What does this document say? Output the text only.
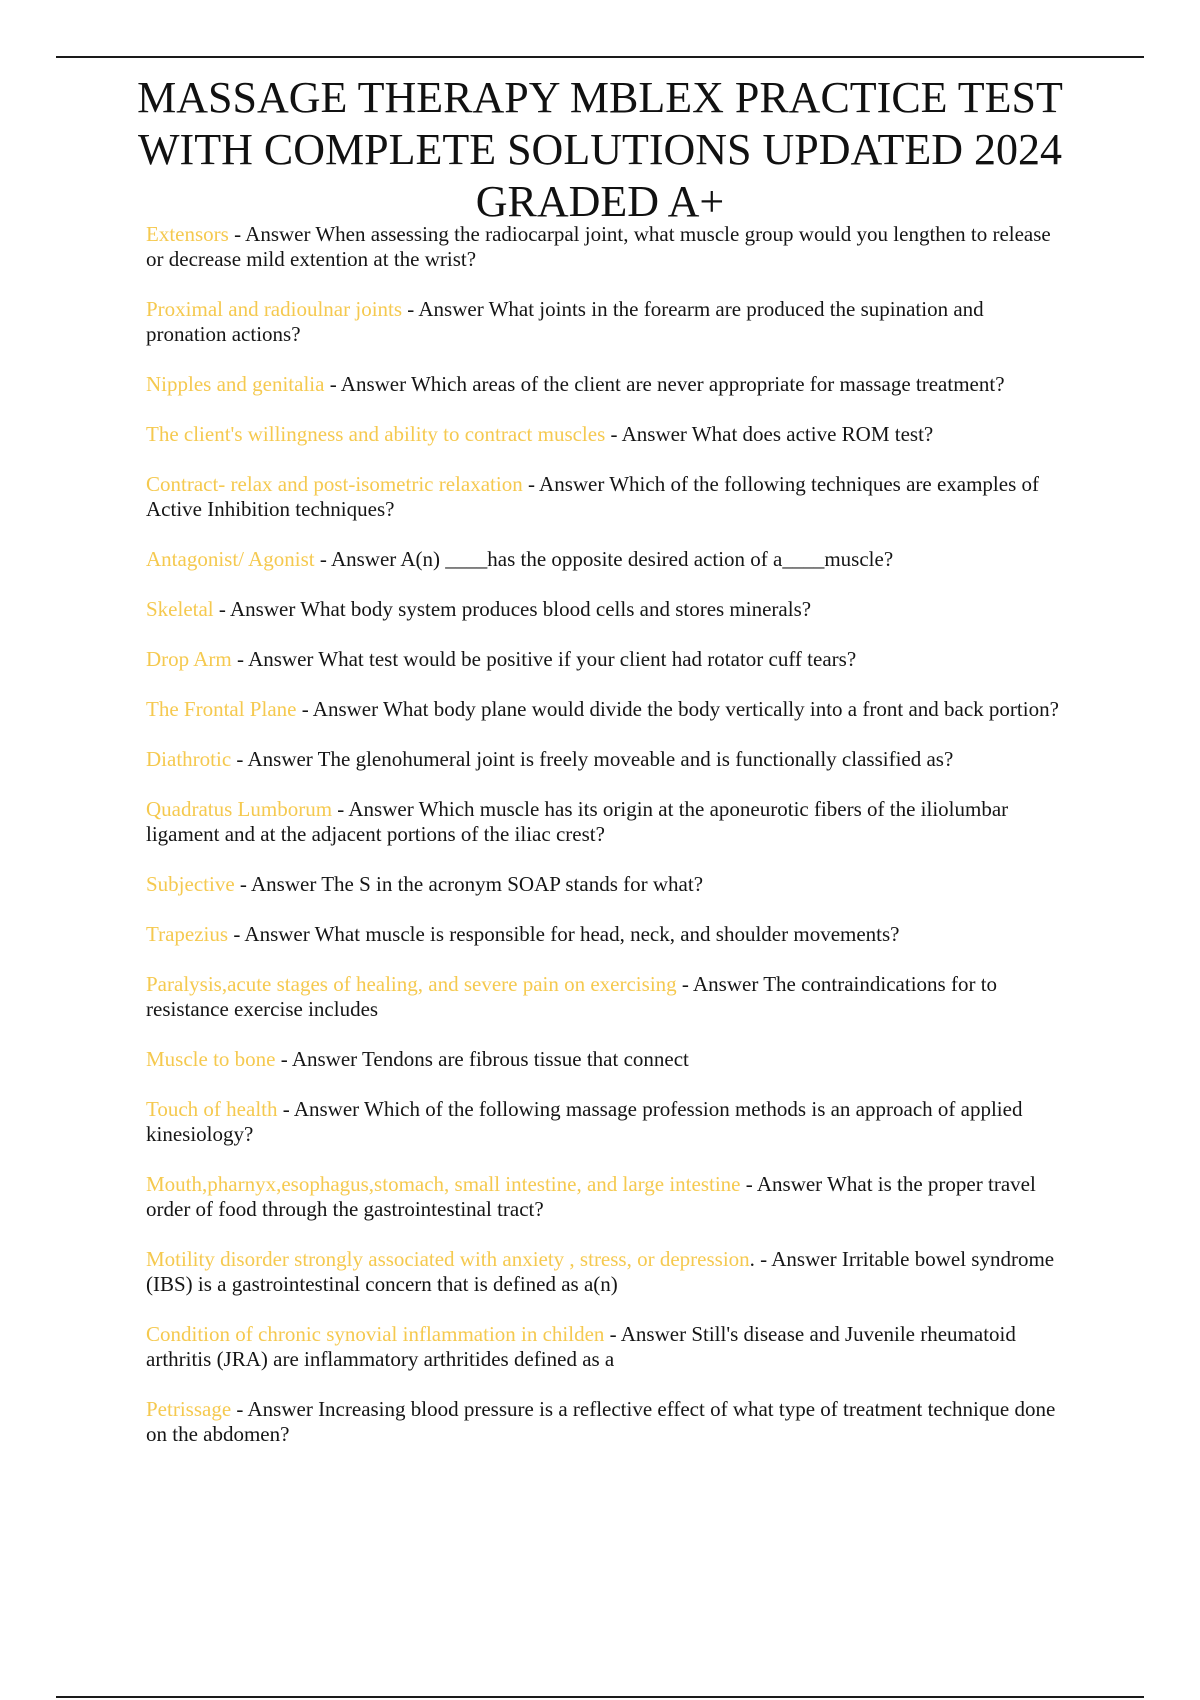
MASSAGE THERAPY MBLEX PRACTICE TEST WITH COMPLETE SOLUTIONS UPDATED 2024 GRADED A+
Extensors - Answer When assessing the radiocarpal joint, what muscle group would you lengthen to release or decrease mild extention at the wrist?
Proximal and radioulnar joints - Answer What joints in the forearm are produced the supination and pronation actions?
Nipples and genitalia - Answer Which areas of the client are never appropriate for massage treatment?
The client's willingness and ability to contract muscles - Answer What does active ROM test?
Contract- relax and post-isometric relaxation - Answer Which of the following techniques are examples of Active Inhibition techniques?
Antagonist/ Agonist - Answer A(n) ____has the opposite desired action of a____muscle?
Skeletal - Answer What body system produces blood cells and stores minerals?
Drop Arm - Answer What test would be positive if your client had rotator cuff tears?
The Frontal Plane - Answer What body plane would divide the body vertically into a front and back portion?
Diathrotic - Answer The glenohumeral joint is freely moveable and is functionally classified as?
Quadratus Lumborum - Answer Which muscle has its origin at the aponeurotic fibers of the iliolumbar ligament and at the adjacent portions of the iliac crest?
Subjective - Answer The S in the acronym SOAP stands for what?
Trapezius - Answer What muscle is responsible for head, neck, and shoulder movements?
Paralysis,acute stages of healing, and severe pain on exercising - Answer The contraindications for to resistance exercise includes
Muscle to bone - Answer Tendons are fibrous tissue that connect
Touch of health - Answer Which of the following massage profession methods is an approach of applied kinesiology?
Mouth,pharnyx,esophagus,stomach, small intestine, and large intestine - Answer What is the proper travel order of food through the gastrointestinal tract?
Motility disorder strongly associated with anxiety , stress, or depression. - Answer Irritable bowel syndrome (IBS) is a gastrointestinal concern that is defined as a(n)
Condition of chronic synovial inflammation in childen - Answer Still's disease and Juvenile rheumatoid arthritis (JRA) are inflammatory arthritides defined as a
Petrissage - Answer Increasing blood pressure is a reflective effect of what type of treatment technique done on the abdomen?
